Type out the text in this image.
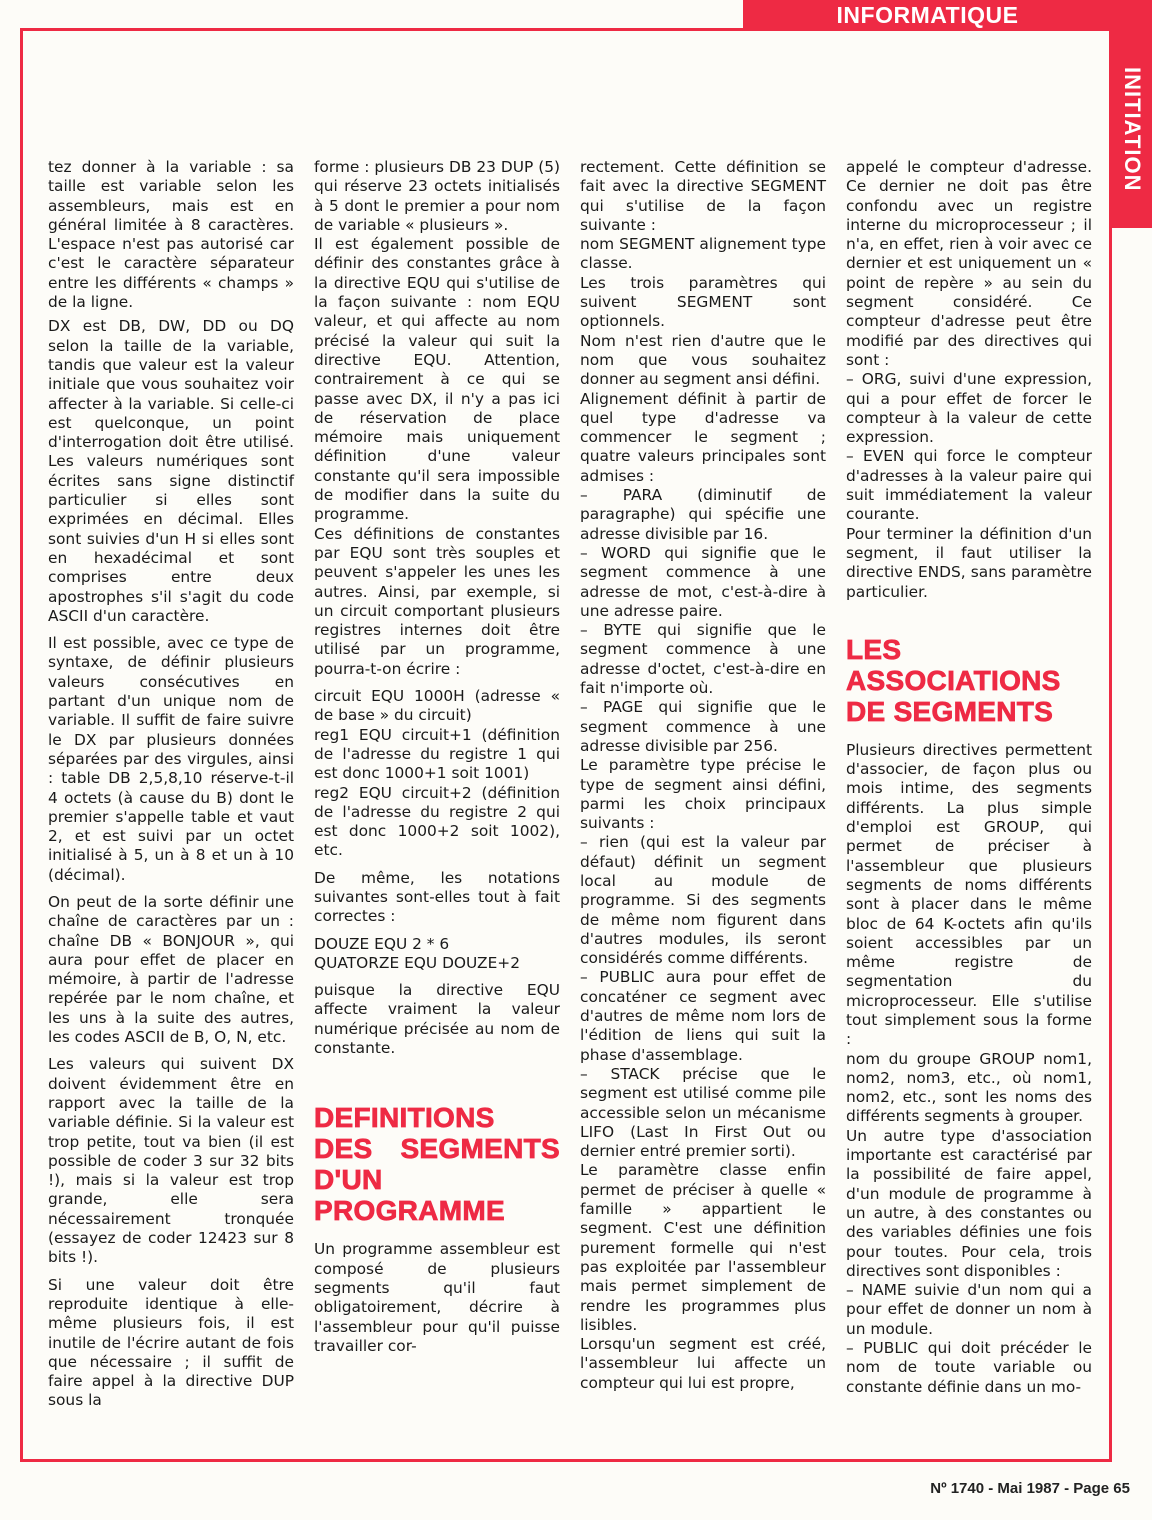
INFORMATIQUE
INITIATION

tez donner à la variable : sa taille est variable selon les assembleurs, mais est en général limitée à 8 caractères. L'espace n'est pas autorisé car c'est le caractère séparateur entre les différents « champs » de la ligne.

DX est DB, DW, DD ou DQ selon la taille de la variable, tandis que valeur est la valeur initiale que vous souhaitez voir affecter à la variable. Si celle-ci est quelconque, un point d'interrogation doit être utilisé. Les valeurs numériques sont écrites sans signe distinctif particulier si elles sont exprimées en décimal. Elles sont suivies d'un H si elles sont en hexadécimal et sont comprises entre deux apostrophes s'il s'agit du code ASCII d'un caractère.

Il est possible, avec ce type de syntaxe, de définir plusieurs valeurs consécutives en partant d'un unique nom de variable. Il suffit de faire suivre le DX par plusieurs données séparées par des virgules, ainsi : table DB 2,5,8,10 réserve-t-il 4 octets (à cause du B) dont le premier s'appelle table et vaut 2, et est suivi par un octet initialisé à 5, un à 8 et un à 10 (décimal).

On peut de la sorte définir une chaîne de caractères par un : chaîne DB « BONJOUR », qui aura pour effet de placer en mémoire, à partir de l'adresse repérée par le nom chaîne, et les uns à la suite des autres, les codes ASCII de B, O, N, etc.

Les valeurs qui suivent DX doivent évidemment être en rapport avec la taille de la variable définie. Si la valeur est trop petite, tout va bien (il est possible de coder 3 sur 32 bits !), mais si la valeur est trop grande, elle sera nécessairement tronquée (essayez de coder 12423 sur 8 bits !).

Si une valeur doit être reproduite identique à elle-même plusieurs fois, il est inutile de l'écrire autant de fois que nécessaire ; il suffit de faire appel à la directive DUP sous la

forme : plusieurs DB 23 DUP (5) qui réserve 23 octets initialisés à 5 dont le premier a pour nom de variable « plusieurs ».

Il est également possible de définir des constantes grâce à la directive EQU qui s'utilise de la façon suivante : nom EQU valeur, et qui affecte au nom précisé la valeur qui suit la directive EQU. Attention, contrairement à ce qui se passe avec DX, il n'y a pas ici de réservation de place mémoire mais uniquement définition d'une valeur constante qu'il sera impossible de modifier dans la suite du programme.

Ces définitions de constantes par EQU sont très souples et peuvent s'appeler les unes les autres. Ainsi, par exemple, si un circuit comportant plusieurs registres internes doit être utilisé par un programme, pourra-t-on écrire :

circuit EQU 1000H (adresse « de base » du circuit)

reg1 EQU circuit+1 (définition de l'adresse du registre 1 qui est donc 1000+1 soit 1001)

reg2 EQU circuit+2 (définition de l'adresse du registre 2 qui est donc 1000+2 soit 1002), etc.

De même, les notations suivantes sont-elles tout à fait correctes :

DOUZE EQU 2 * 6

QUATORZE EQU DOUZE+2

puisque la directive EQU affecte vraiment la valeur numérique précisée au nom de constante.

DEFINITIONS DES SEGMENTS D'UN PROGRAMME

Un programme assembleur est composé de plusieurs segments qu'il faut obligatoirement, décrire à l'assembleur pour qu'il puisse travailler cor-

rectement. Cette définition se fait avec la directive SEGMENT qui s'utilise de la façon suivante :

nom SEGMENT alignement type classe.

Les trois paramètres qui suivent SEGMENT sont optionnels.

Nom n'est rien d'autre que le nom que vous souhaitez donner au segment ansi défini.

Alignement définit à partir de quel type d'adresse va commencer le segment ; quatre valeurs principales sont admises :

– PARA (diminutif de paragraphe) qui spécifie une adresse divisible par 16.

– WORD qui signifie que le segment commence à une adresse de mot, c'est-à-dire à une adresse paire.

– BYTE qui signifie que le segment commence à une adresse d'octet, c'est-à-dire en fait n'importe où.

– PAGE qui signifie que le segment commence à une adresse divisible par 256.

Le paramètre type précise le type de segment ainsi défini, parmi les choix principaux suivants :

– rien (qui est la valeur par défaut) définit un segment local au module de programme. Si des segments de même nom figurent dans d'autres modules, ils seront considérés comme différents.

– PUBLIC aura pour effet de concaténer ce segment avec d'autres de même nom lors de l'édition de liens qui suit la phase d'assemblage.

– STACK précise que le segment est utilisé comme pile accessible selon un mécanisme LIFO (Last In First Out ou dernier entré premier sorti).

Le paramètre classe enfin permet de préciser à quelle « famille » appartient le segment. C'est une définition purement formelle qui n'est pas exploitée par l'assembleur mais permet simplement de rendre les programmes plus lisibles.

Lorsqu'un segment est créé, l'assembleur lui affecte un compteur qui lui est propre,

appelé le compteur d'adresse. Ce dernier ne doit pas être confondu avec un registre interne du microprocesseur ; il n'a, en effet, rien à voir avec ce dernier et est uniquement un « point de repère » au sein du segment considéré. Ce compteur d'adresse peut être modifié par des directives qui sont :

– ORG, suivi d'une expression, qui a pour effet de forcer le compteur à la valeur de cette expression.

– EVEN qui force le compteur d'adresses à la valeur paire qui suit immédiatement la valeur courante.

Pour terminer la définition d'un segment, il faut utiliser la directive ENDS, sans paramètre particulier.

LES ASSOCIATIONS DE SEGMENTS

Plusieurs directives permettent d'associer, de façon plus ou mois intime, des segments différents. La plus simple d'emploi est GROUP, qui permet de préciser à l'assembleur que plusieurs segments de noms différents sont à placer dans le même bloc de 64 K-octets afin qu'ils soient accessibles par un même registre de segmentation du microprocesseur. Elle s'utilise tout simplement sous la forme :

nom du groupe GROUP nom1, nom2, nom3, etc., où nom1, nom2, etc., sont les noms des différents segments à grouper.

Un autre type d'association importante est caractérisé par la possibilité de faire appel, d'un module de programme à un autre, à des constantes ou des variables définies une fois pour toutes. Pour cela, trois directives sont disponibles :

– NAME suivie d'un nom qui a pour effet de donner un nom à un module.

– PUBLIC qui doit précéder le nom de toute variable ou constante définie dans un mo-

Nº 1740 - Mai 1987 - Page 65
